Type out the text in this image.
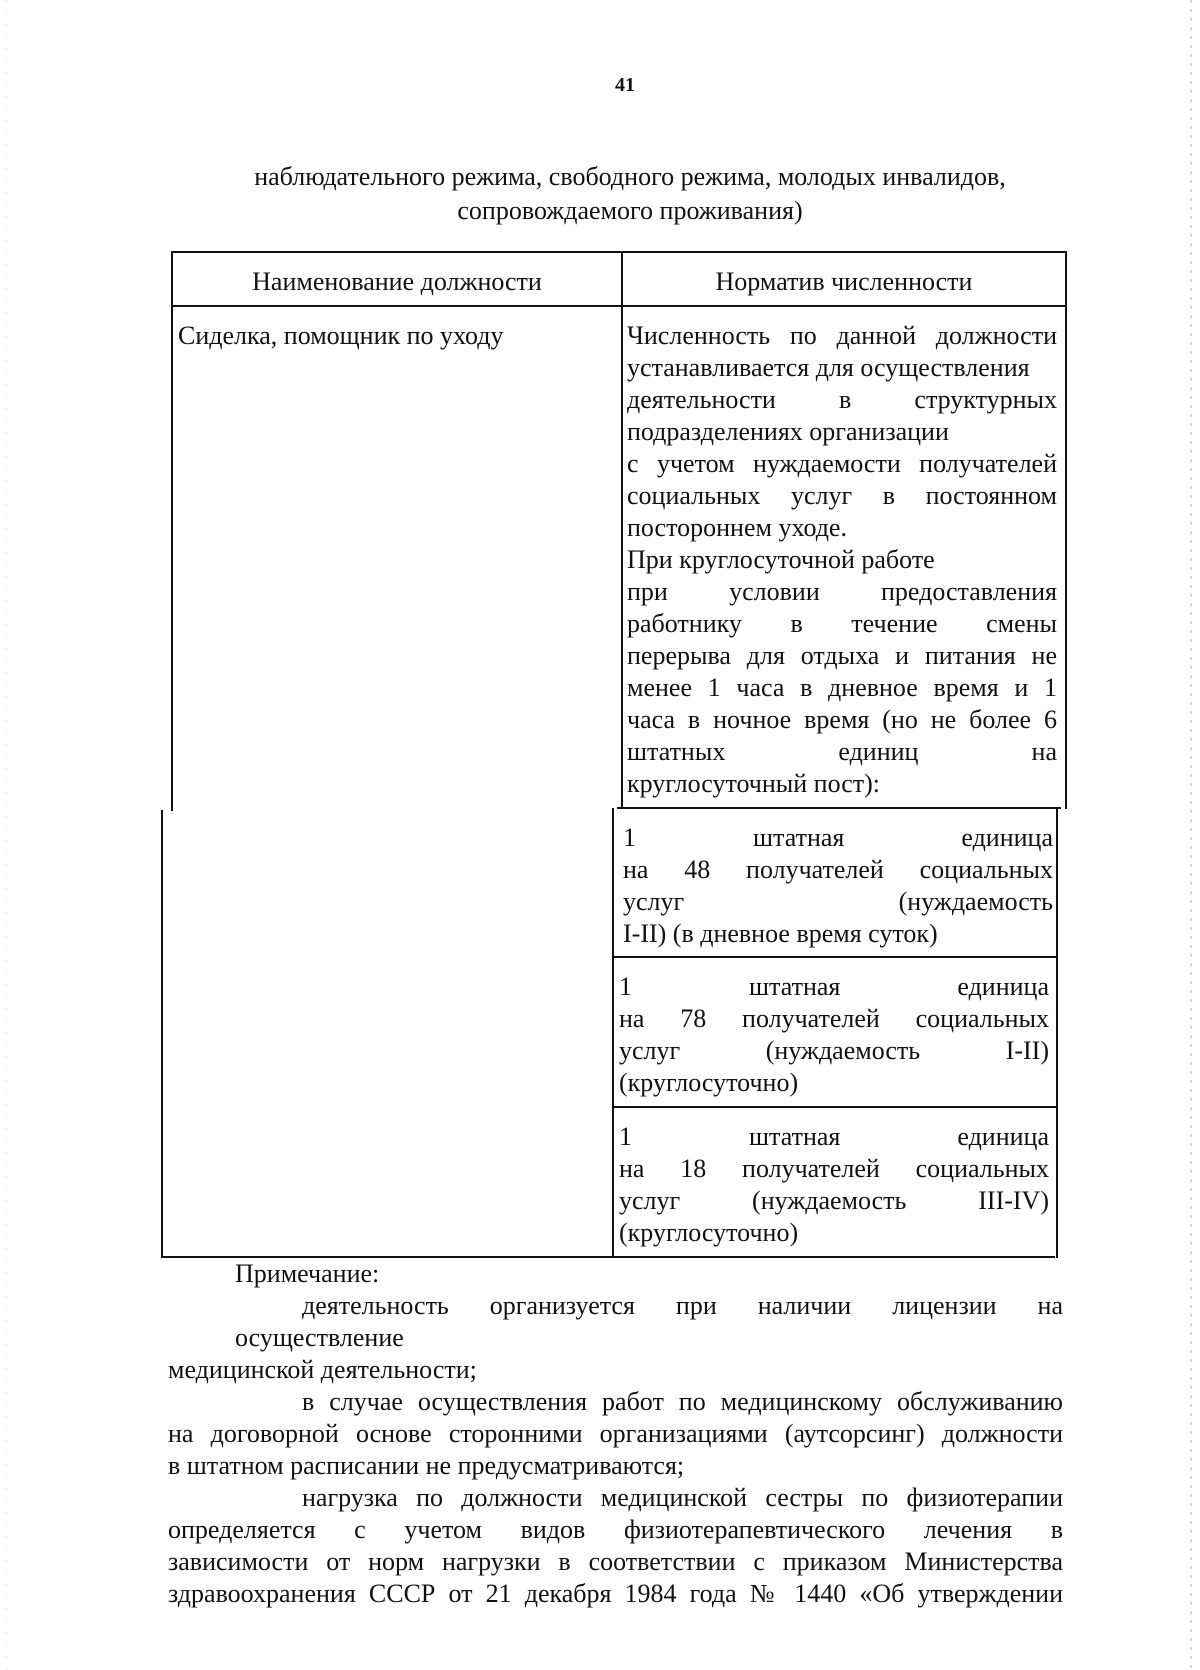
41
наблюдательного режима, свободного режима, молодых инвалидов,
сопровождаемого проживания)
Наименование должности	Норматив численности
Сиделка, помощник по уходу	Численность по данной должности
устанавливается для осуществления
деятельности в структурных
подразделениях организации
с учетом нуждаемости получателей
социальных услуг в постоянном
постороннем уходе.
При круглосуточной работе
при условии предоставления
работнику в течение смены
перерыва для отдыха и питания не
менее 1 часа в дневное время и 1
часа в ночное время (но не более 6
штатных единиц на
круглосуточный пост):
1 штатная единица
на 48 получателей социальных
услуг (нуждаемость
I-II) (в дневное время суток)
1 штатная единица
на 78 получателей социальных
услуг (нуждаемость I-II)
(круглосуточно)
1 штатная единица
на 18 получателей социальных
услуг (нуждаемость III-IV)
(круглосуточно)
Примечание:
деятельность организуется при наличии лицензии на осуществление
медицинской деятельности;
в случае осуществления работ по медицинскому обслуживанию
на договорной основе сторонними организациями (аутсорсинг) должности
в штатном расписании не предусматриваются;
нагрузка по должности медицинской сестры по физиотерапии
определяется с учетом видов физиотерапевтического лечения в
зависимости от норм нагрузки в соответствии с приказом Министерства
здравоохранения СССР от 21 декабря 1984 года № 1440 «Об утверждении
